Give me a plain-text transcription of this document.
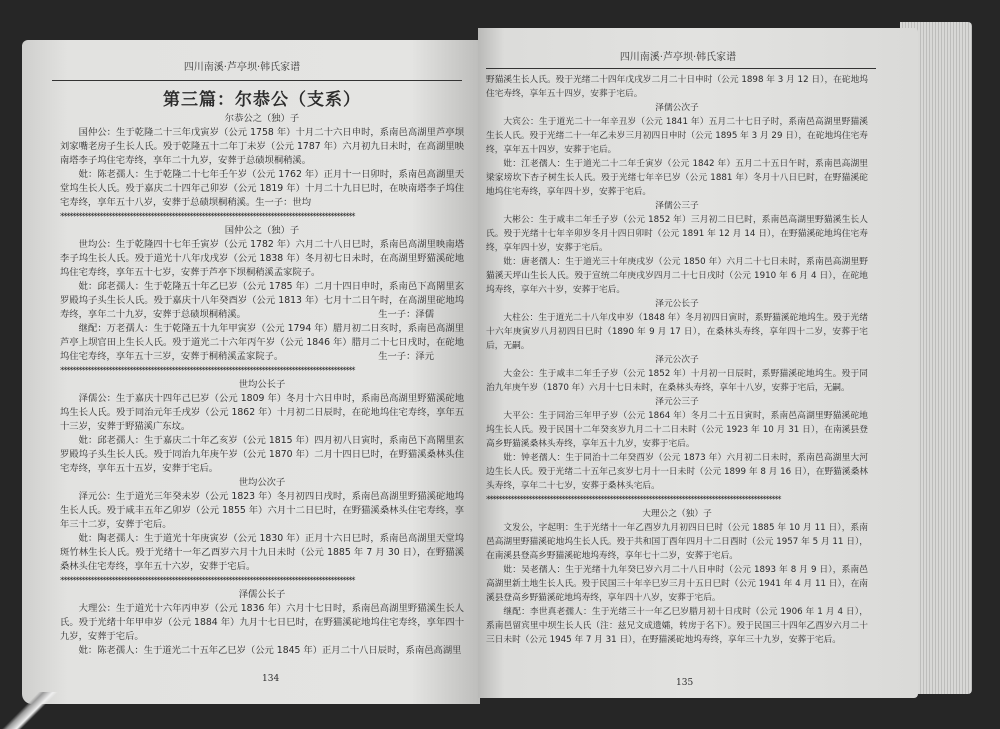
四川南溪·芦亭坝·韩氏家谱
第三篇：尔恭公（支系）
尔恭公之（独）子
国仲公：生于乾隆二十三年戊寅岁（公元 1758 年）十月二十六日申时，系南邑高湖里芦亭坝刘家嘴老房子生长人氏。殁于乾隆五十二年丁未岁（公元 1787 年）六月初九日未时，在高湖里映南塔李子坞住宅寿终，享年二十九岁，安葬于总碛坝桐稍溪。
妣：陈老孺人：生于乾隆二十七年壬午岁（公元 1762 年）正月十一日卯时，系南邑高湖里天堂坞生长人氏。殁于嘉庆二十四年己卯岁（公元 1819 年）十月二十九日巳时，在映南塔李子坞住宅寿终，享年五十八岁，安葬于总碛坝桐稍溪。生一子：世均
**************************************************************************************************
国仲公之（独）子
世均公：生于乾隆四十七年壬寅岁（公元 1782 年）六月二十八日巳时，系南邑高湖里映南塔李子坞生长人氏。殁于道光十八年戊戌岁（公元 1838 年）冬月初七日未时，在高湖里野猫溪砣地坞住宅寿终，享年五十七岁，安葬于芦亭下坝桐稍溪孟家院子。
妣：邱老孺人：生于乾隆五十年乙巳岁（公元 1785 年）二月十四日申时，系南邑下高閛里玄罗殿坞子头生长人氏。殁于嘉庆十八年癸酉岁（公元 1813 年）七月十二日午时，在高湖里砣地坞寿终，享年二十九岁，安葬于总碛坝桐稍溪。	生一子：泽儒
继配：万老孺人：生于乾隆五十九年甲寅岁（公元 1794 年）腊月初二日亥时，系南邑高湖里芦亭上坝官田上生长人氏。殁于道光二十六年丙午岁（公元 1846 年）腊月二十七日戌时，在砣地坞住宅寿终，享年五十三岁，安葬于桐稍溪孟家院子。	生一子：泽元
**************************************************************************************************
世均公长子
泽儒公：生于嘉庆十四年己巳岁（公元 1809 年）冬月十六日申时，系南邑高湖里野猫溪砣地坞生长人氏。殁于同治元年壬戌岁（公元 1862 年）十月初二日辰时，在砣地坞住宅寿终，享年五十三岁，安葬于野猫溪广东坟。
妣：邱老孺人：生于嘉庆二十年乙亥岁（公元 1815 年）四月初八日寅时，系南邑下高閛里玄罗殿坞子头生长人氏。殁于同治九年庚午岁（公元 1870 年）二月十四日巳时，在野猫溪桑林头住宅寿终，享年五十五岁，安葬于宅后。
世均公次子
泽元公：生于道光三年癸未岁（公元 1823 年）冬月初四日戌时，系南邑高湖里野猫溪砣地坞生长人氏。殁于咸丰五年乙卯岁（公元 1855 年）六月十二日巳时，在野猫溪桑林头住宅寿终，享年三十二岁，安葬于宅后。
妣：陶老孺人：生于道光十年庚寅岁（公元 1830 年）正月十六日巳时，系南邑高湖里天堂坞斑竹林生长人氏。殁于光绪十一年乙酉岁六月十九日未时（公元 1885 年 7 月 30 日），在野猫溪桑林头住宅寿终，享年五十六岁，安葬于宅后。
**************************************************************************************************
泽儒公长子
大理公：生于道光十六年丙申岁（公元 1836 年）六月十七日时，系南邑高湖里野猫溪生长人氏。殁于光绪十年甲申岁（公元 1884 年）九月十七日巳时，在野猫溪砣地坞住宅寿终，享年四十九岁，安葬于宅后。
妣：陈老孺人：生于道光二十五年乙巳岁（公元 1845 年）正月二十八日辰时，系南邑高湖里
134
四川南溪·芦亭坝·韩氏家谱
野猫溪生长人氏。殁于光绪二十四年戊戌岁二月二十日申时（公元 1898 年 3 月 12 日），在砣地坞住宅寿终，享年五十四岁，安葬于宅后。
泽儒公次子
大宾公：生于道光二十一年辛丑岁（公元 1841 年）五月二十七日子时，系南邑高湖里野猫溪生长人氏。殁于光绪二十一年乙未岁三月初四日申时（公元 1895 年 3 月 29 日），在砣地坞住宅寿终，享年五十四岁，安葬于宅后。
妣：江老孺人：生于道光二十二年壬寅岁（公元 1842 年）五月二十五日午时，系南邑高湖里梁家塝坎下杏子树生长人氏。殁于光绪七年辛巳岁（公元 1881 年）冬月十八日巳时，在野猫溪砣地坞住宅寿终，享年四十岁，安葬于宅后。
泽儒公三子
大彬公：生于咸丰二年壬子岁（公元 1852 年）三月初二日巳时，系南邑高湖里野猫溪生长人氏。殁于光绪十七年辛卯岁冬月十四日卯时（公元 1891 年 12 月 14 日），在野猫溪砣地坞住宅寿终，享年四十岁，安葬于宅后。
妣：唐老孺人：生于道光三十年庚戌岁（公元 1850 年）六月二十七日未时，系南邑高湖里野猫溪天坪山生长人氏。殁于宣统二年庚戌岁四月二十七日戌时（公元 1910 年 6 月 4 日），在砣地坞寿终，享年六十岁，安葬于宅后。
泽元公长子
大柱公：生于道光二十八年戊申岁（1848 年）冬月初四日寅时，系野猫溪砣地坞生。殁于光绪十六年庚寅岁八月初四日巳时（1890 年 9 月 17 日），在桑林头寿终，享年四十二岁，安葬于宅后，无嗣。
泽元公次子
大金公：生于咸丰二年壬子岁（公元 1852 年）十月初一日辰时，系野猫溪砣地坞生。殁于同治九年庚午岁（1870 年）六月十七日未时，在桑林头寿终，享年十八岁，安葬于宅后，无嗣。
泽元公三子
大平公：生于同治三年甲子岁（公元 1864 年）冬月二十五日寅时，系南邑高湖里野猫溪砣地坞生长人氏。殁于民国十二年癸亥岁九月二十二日未时（公元 1923 年 10 月 31 日），在南溪县登高乡野猫溪桑林头寿终，享年五十九岁，安葬于宅后。
妣：钟老孺人：生于同治十二年癸酉岁（公元 1873 年）六月初二日未时，系南邑高湖里大河边生长人氏。殁于光绪二十五年己亥岁七月十一日未时（公元 1899 年 8 月 16 日），在野猫溪桑林头寿终，享年二十七岁，安葬于桑林头宅后。
**************************************************************************************************
大理公之（独）子
文发公，字起明：生于光绪十一年乙酉岁九月初四日巳时（公元 1885 年 10 月 11 日），系南邑高湖里野猫溪砣地坞生长人氏。殁于共和国丁酉年四月十二日酉时（公元 1957 年 5 月 11 日），在南溪县登高乡野猫溪砣地坞寿终，享年七十二岁，安葬于宅后。
妣：吴老孺人：生于光绪十九年癸巳岁六月二十八日申时（公元 1893 年 8 月 9 日），系南邑高湖里新土地生长人氏。殁于民国三十年辛巳岁三月十五日巳时（公元 1941 年 4 月 11 日），在南溪县登高乡野猫溪砣地坞寿终，享年四十八岁，安葬于宅后。
继配：李世真老孺人：生于光绪三十一年乙巳岁腊月初十日戌时（公元 1906 年 1 月 4 日），系南邑留宾里中坝生长人氏（注：兹兄文成遗孀，转房于名下）。殁于民国三十四年乙酉岁六月二十三日未时（公元 1945 年 7 月 31 日），在野猫溪砣地坞寿终，享年三十九岁，安葬于宅后。
135
